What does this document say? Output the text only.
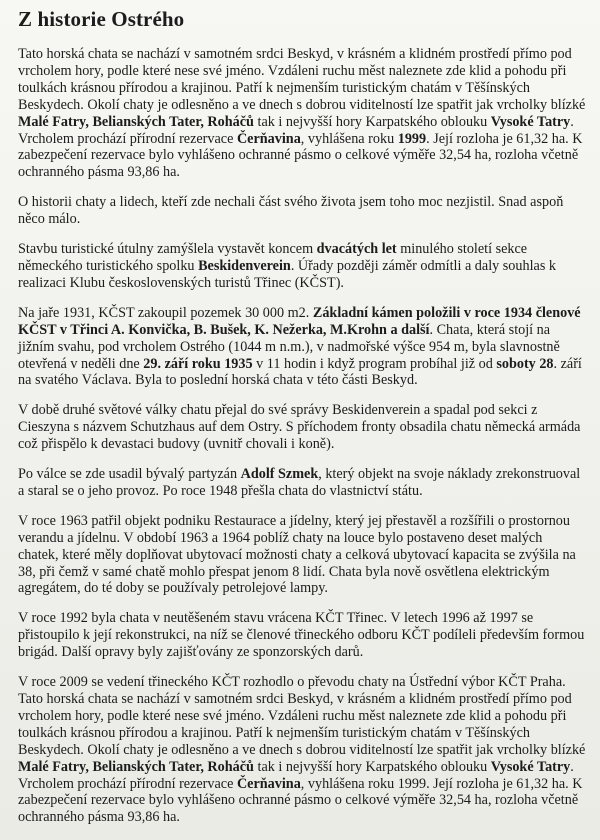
Z historie Ostrého

Tato horská chata se nachází v samotném srdci Beskyd, v krásném a klidném prostředí přímo pod vrcholem hory, podle které nese své jméno. Vzdáleni ruchu měst naleznete zde klid a pohodu při toulkách krásnou přírodou a krajinou. Patří k nejmenším turistickým chatám v Těšínských Beskydech. Okolí chaty je odlesněno a ve dnech s dobrou viditelností lze spatřit jak vrcholky blízké Malé Fatry, Belianských Tater, Roháčů tak i nejvyšší hory Karpatského oblouku Vysoké Tatry. Vrcholem prochází přírodní rezervace Čerňavina, vyhlášena roku 1999. Její rozloha je 61,32 ha. K zabezpečení rezervace bylo vyhlášeno ochranné pásmo o celkové výměře 32,54 ha, rozloha včetně ochranného pásma 93,86 ha.

O historii chaty a lidech, kteří zde nechali část svého života jsem toho moc nezjistil. Snad aspoň něco málo.

Stavbu turistické útulny zamýšlela vystavět koncem dvacátých let minulého století sekce německého turistického spolku Beskidenverein. Úřady později záměr odmítli a daly souhlas k realizaci Klubu československých turistů Třinec (KČST).

Na jaře 1931, KČST zakoupil pozemek 30 000 m2. Základní kámen položili v roce 1934 členové KČST v Třinci A. Konvička, B. Bušek, K. Nežerka, M.Krohn a další. Chata, která stojí na jižním svahu, pod vrcholem Ostrého (1044 m n.m.), v nadmořské výšce 954 m, byla slavnostně otevřená v neděli dne 29. září roku 1935 v 11 hodin i když program probíhal již od soboty 28. září na svatého Václava. Byla to poslední horská chata v této části Beskyd.

V době druhé světové války chatu přejal do své správy Beskidenverein a spadal pod sekci z Cieszyna s názvem Schutzhaus auf dem Ostry. S příchodem fronty obsadila chatu německá armáda což přispělo k devastaci budovy (uvnitř chovali i koně).

Po válce se zde usadil bývalý partyzán Adolf Szmek, který objekt na svoje náklady zrekonstruoval a staral se o jeho provoz. Po roce 1948 přešla chata do vlastnictví státu.

V roce 1963 patřil objekt podniku Restaurace a jídelny, který jej přestavěl a rozšířili o prostornou verandu a jídelnu. V období 1963 a 1964 poblíž chaty na louce bylo postaveno deset malých chatek, které měly doplňovat ubytovací možnosti chaty a celková ubytovací kapacita se zvýšila na 38, při čemž v samé chatě mohlo přespat jenom 8 lidí. Chata byla nově osvětlena elektrickým agregátem, do té doby se používaly petrolejové lampy.

V roce 1992 byla chata v neutěšeném stavu vrácena KČT Třinec. V letech 1996 až 1997 se přistoupilo k její rekonstrukci, na níž se členové třineckého odboru KČT podíleli především formou brigád. Další opravy byly zajišťovány ze sponzorských darů.

V roce 2009 se vedení třineckého KČT rozhodlo o převodu chaty na Ústřední výbor KČT Praha. Tato horská chata se nachází v samotném srdci Beskyd, v krásném a klidném prostředí přímo pod vrcholem hory, podle které nese své jméno. Vzdáleni ruchu měst naleznete zde klid a pohodu při toulkách krásnou přírodou a krajinou. Patří k nejmenším turistickým chatám v Těšínských Beskydech. Okolí chaty je odlesněno a ve dnech s dobrou viditelností lze spatřit jak vrcholky blízké Malé Fatry, Belianských Tater, Roháčů tak i nejvyšší hory Karpatského oblouku Vysoké Tatry. Vrcholem prochází přírodní rezervace Čerňavina, vyhlášena roku 1999. Její rozloha je 61,32 ha. K zabezpečení rezervace bylo vyhlášeno ochranné pásmo o celkové výměře 32,54 ha, rozloha včetně ochranného pásma 93,86 ha.
